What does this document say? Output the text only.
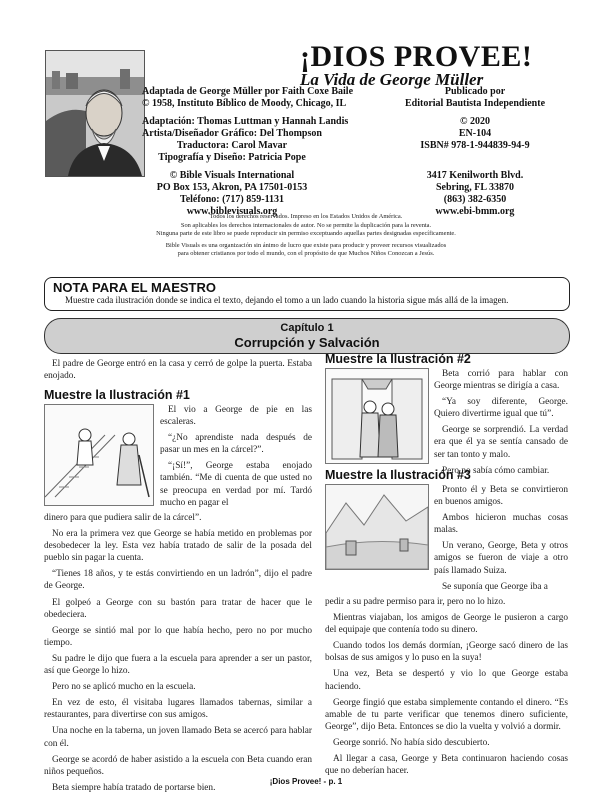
¡DIOS PROVEE!
La Vida de George Müller
Adaptada de George Müller por Faith Coxe Baile
© 1958, Instituto Bíblico de Moody, Chicago, IL
Adaptación: Thomas Luttman y Hannah Landis
Artista/Diseñador Gráfico: Del Thompson
Traductora: Carol Mavar
Tipografía y Diseño: Patricia Pope
© Bible Visuals International
PO Box 153, Akron, PA 17501-0153
Teléfono: (717) 859-1131
www.biblevisuals.org
Publicado por
Editorial Bautista Independiente
© 2020
EN-104
ISBN# 978-1-944839-94-9
3417 Kenilworth Blvd.
Sebring, FL 33870
(863) 382-6350
www.ebi-bmm.org
Todos los derechos reservados. Impreso en los Estados Unidos de América.
Son aplicables los derechos internacionales de autor. No se permite la duplicación para la reventa.
Ninguna parte de este libro se puede reproducir sin permiso exceptuando aquellas partes designadas específicamente.
Bible Visuals es una organización sin ánimo de lucro que existe para producir y proveer recursos visualizados
para obtener cristianos por todo el mundo, con el propósito de que Muchos Niños Conozcan a Jesús.
NOTA PARA EL MAESTRO

Muestre cada ilustración donde se indica el texto, dejando el tomo a un lado cuando la historia sigue más allá de la imagen.

Capítulo 1
Corrupción y Salvación

El padre de George entró en la casa y cerró de golpe la puerta. Estaba enojado.

Muestre la Ilustración #1

El vio a George de pie en las escaleras.

“¿No aprendiste nada después de pasar un mes en la cárcel?”.

“¡Sí!”, George estaba enojado también. “Me di cuenta de que usted no se preocupa en verdad por mí. Tardó mucho en pagar el

dinero para que pudiera salir de la cárcel”.

No era la primera vez que George se había metido en problemas por desobedecer la ley. Esta vez había tratado de salir de la posada del pueblo sin pagar la cuenta.

“Tienes 18 años, y te estás convirtiendo en un ladrón”, dijo el padre de George.

El golpeó a George con su bastón para tratar de hacer que le obedeciera.

George se sintió mal por lo que había hecho, pero no por mucho tiempo.

Su padre le dijo que fuera a la escuela para aprender a ser un pastor, así que George lo hizo.

Pero no se aplicó mucho en la escuela.

En vez de esto, él visitaba lugares llamados tabernas, similar a restaurantes, para divertirse con sus amigos.

Una noche en la taberna, un joven llamado Beta se acercó para hablar con él.

George se acordó de haber asistido a la escuela con Beta cuando eran niños pequeños.

Beta siempre había tratado de portarse bien.

Muestre la Ilustración #2

Beta corrió para hablar con George mientras se dirigía a casa.

“Ya soy diferente, George. Quiero divertirme igual que tú”.

George se sorprendió. La verdad era que él ya se sentía cansado de ser tan tonto y malo.

Pero no sabía cómo cambiar.

Muestre la Ilustración #3

Pronto él y Beta se convirtieron en buenos amigos.

Ambos hicieron muchas cosas malas.

Un verano, George, Beta y otros amigos se fueron de viaje a otro país llamado Suiza.

Se suponía que George iba a

pedir a su padre permiso para ir, pero no lo hizo.

Mientras viajaban, los amigos de George le pusieron a cargo del equipaje que contenía todo su dinero.

Cuando todos los demás dormían, ¡George sacó dinero de las bolsas de sus amigos y lo puso en la suya!

Una vez, Beta se despertó y vio lo que George estaba haciendo.

George fingió que estaba simplemente contando el dinero. “Es amable de tu parte verificar que tenemos dinero suficiente, George”, dijo Beta. Entonces se dio la vuelta y volvió a dormir.

George sonrió. No había sido descubierto.

Al llegar a casa, George y Beta continuaron haciendo cosas que no deberían hacer.

¡Dios Provee! - p. 1
